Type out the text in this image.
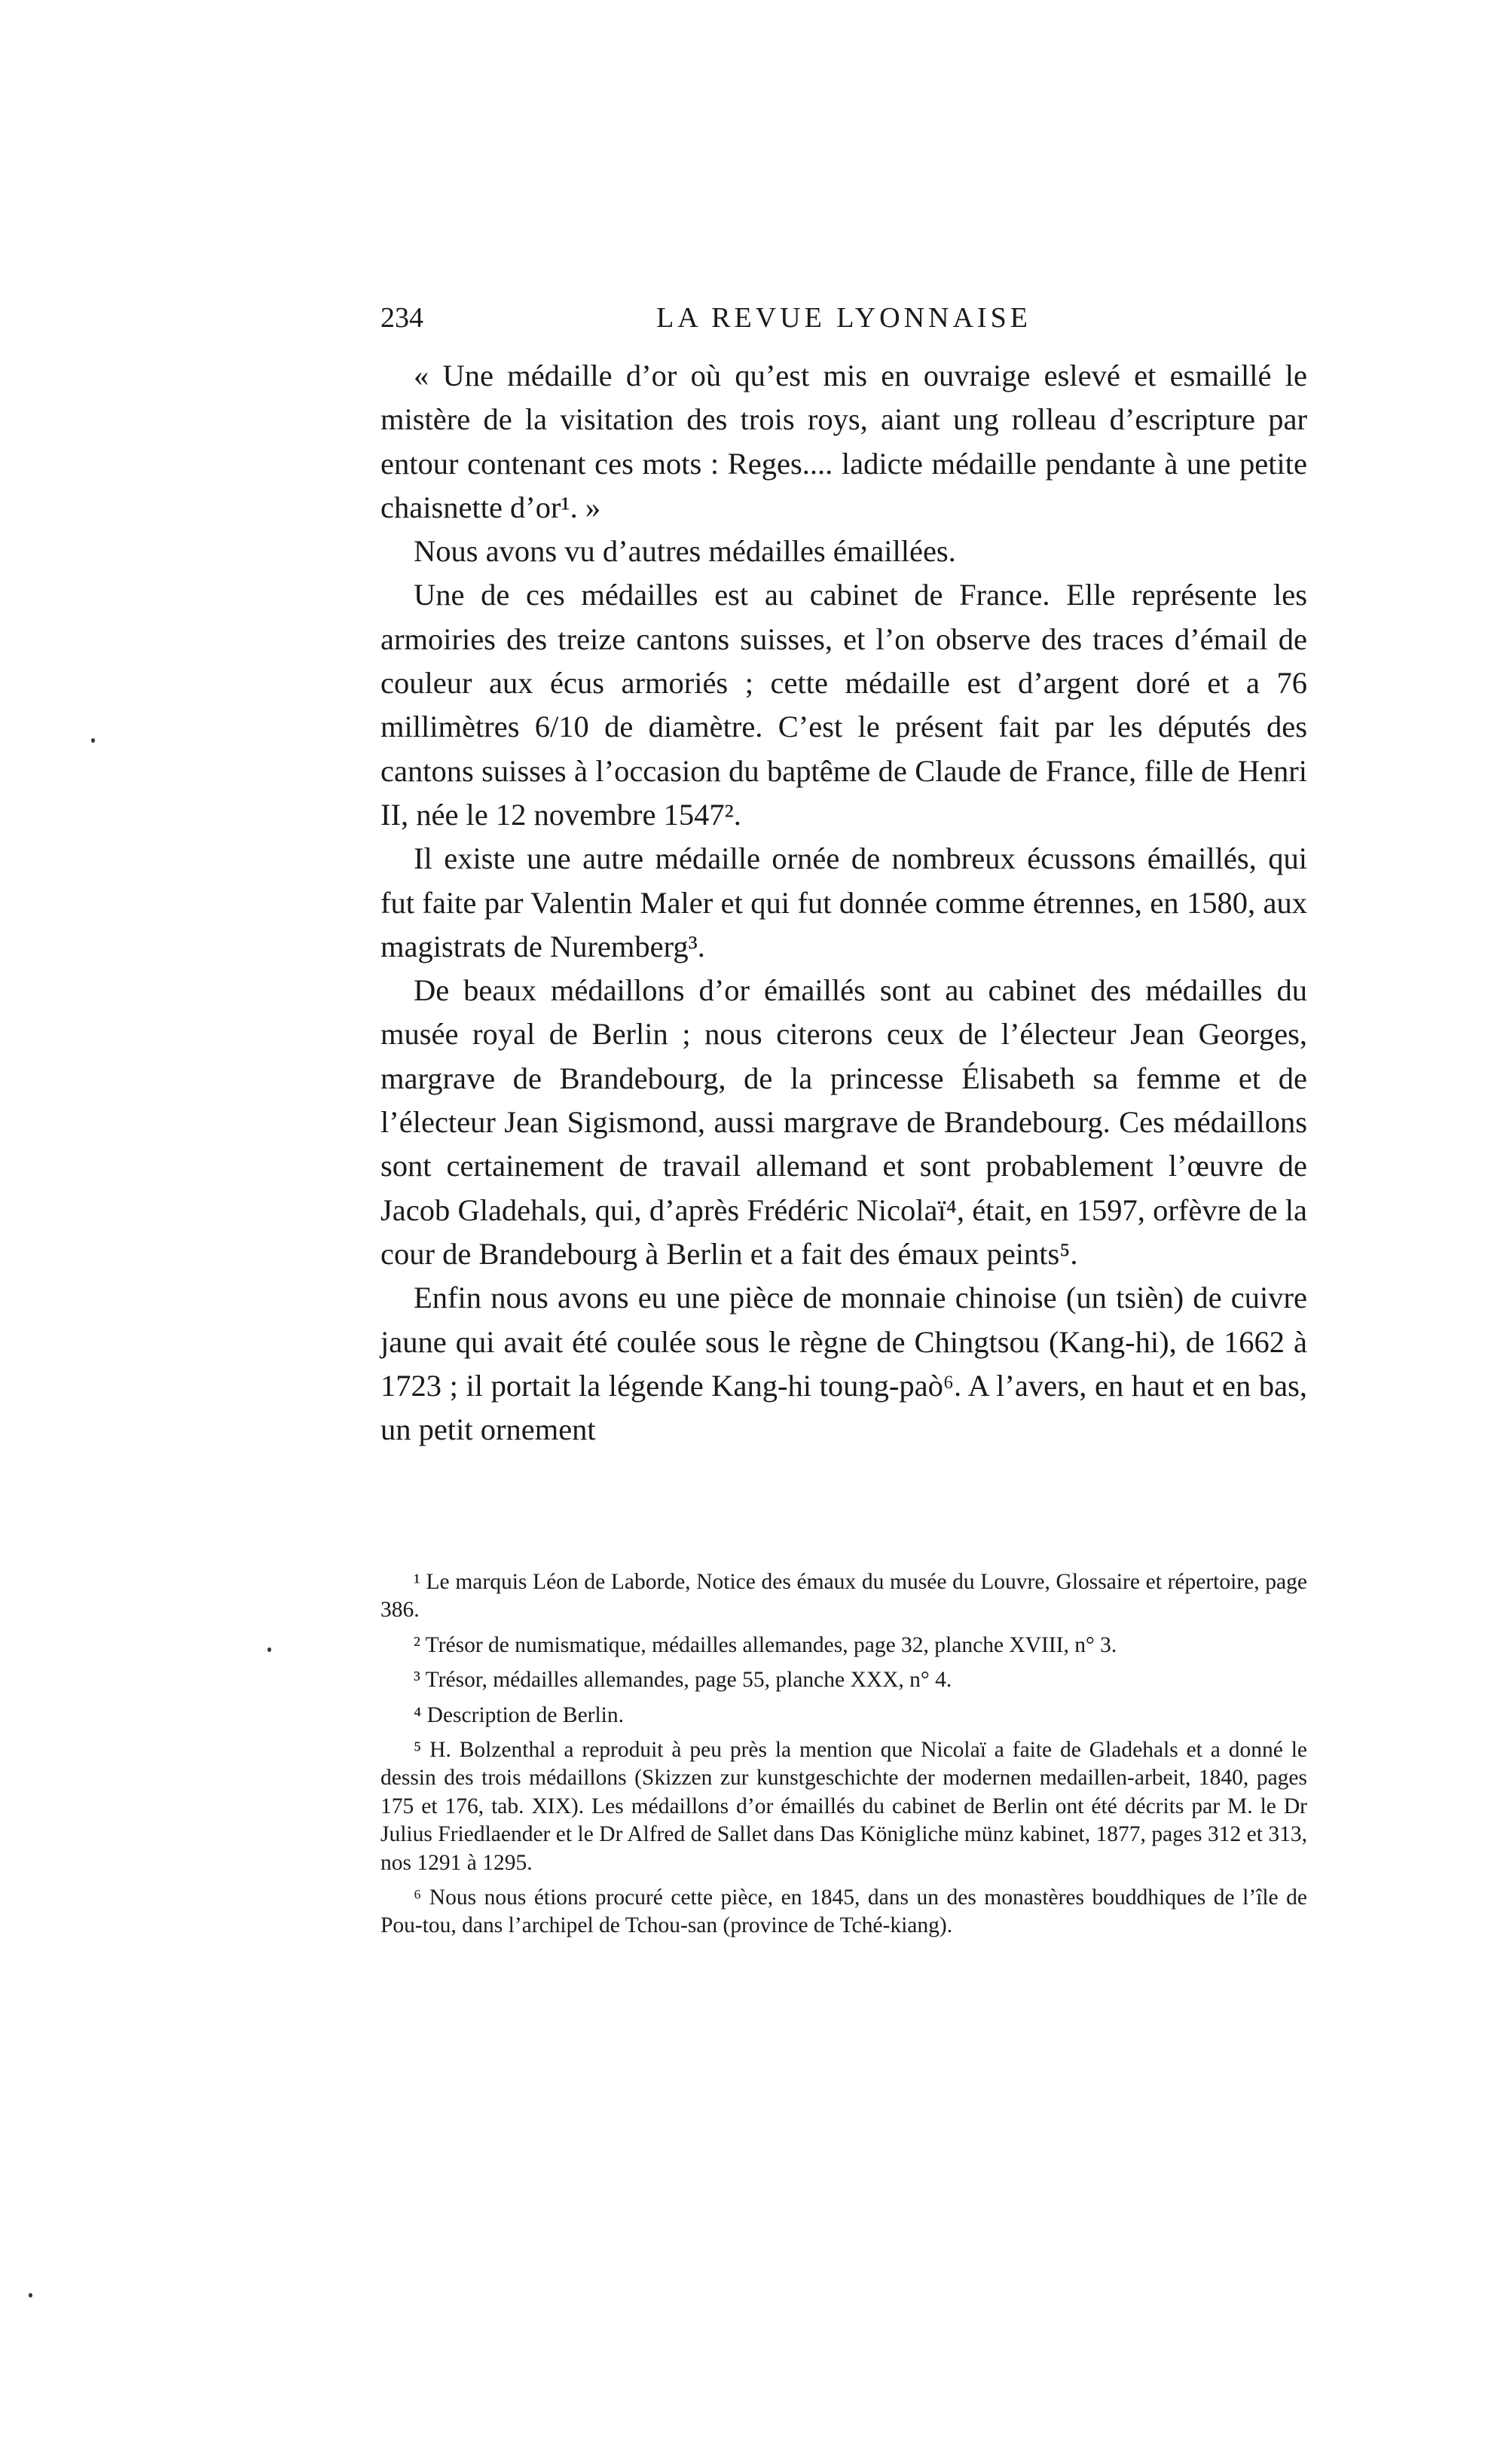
234	LA REVUE LYONNAISE

« Une médaille d’or où qu’est mis en ouvraige eslevé et esmaillé le mistère de la visitation des trois roys, aiant ung rolleau d’escripture par entour contenant ces mots : Reges.... ladicte médaille pendante à une petite chaisnette d’or¹. »

Nous avons vu d’autres médailles émaillées.

Une de ces médailles est au cabinet de France. Elle représente les armoiries des treize cantons suisses, et l’on observe des traces d’émail de couleur aux écus armoriés ; cette médaille est d’argent doré et a 76 millimètres 6/10 de diamètre. C’est le présent fait par les députés des cantons suisses à l’occasion du baptême de Claude de France, fille de Henri II, née le 12 novembre 1547².

Il existe une autre médaille ornée de nombreux écussons émaillés, qui fut faite par Valentin Maler et qui fut donnée comme étrennes, en 1580, aux magistrats de Nuremberg³.

De beaux médaillons d’or émaillés sont au cabinet des médailles du musée royal de Berlin ; nous citerons ceux de l’électeur Jean Georges, margrave de Brandebourg, de la princesse Élisabeth sa femme et de l’électeur Jean Sigismond, aussi margrave de Brandebourg. Ces médaillons sont certainement de travail allemand et sont probablement l’œuvre de Jacob Gladehals, qui, d’après Frédéric Nicolaï⁴, était, en 1597, orfèvre de la cour de Brandebourg à Berlin et a fait des émaux peints⁵.

Enfin nous avons eu une pièce de monnaie chinoise (un tsièn) de cuivre jaune qui avait été coulée sous le règne de Chingtsou (Kang-hi), de 1662 à 1723 ; il portait la légende Kang-hi toung-paò⁶. A l’avers, en haut et en bas, un petit ornement

¹ Le marquis Léon de Laborde, Notice des émaux du musée du Louvre, Glossaire et répertoire, page 386.

² Trésor de numismatique, médailles allemandes, page 32, planche XVIII, n° 3.

³ Trésor, médailles allemandes, page 55, planche XXX, n° 4.

⁴ Description de Berlin.

⁵ H. Bolzenthal a reproduit à peu près la mention que Nicolaï a faite de Gladehals et a donné le dessin des trois médaillons (Skizzen zur kunstgeschichte der modernen medaillen-arbeit, 1840, pages 175 et 176, tab. XIX). Les médaillons d’or émaillés du cabinet de Berlin ont été décrits par M. le Dr Julius Friedlaender et le Dr Alfred de Sallet dans Das Königliche münz kabinet, 1877, pages 312 et 313, nos 1291 à 1295.

⁶ Nous nous étions procuré cette pièce, en 1845, dans un des monastères bouddhiques de l’île de Pou-tou, dans l’archipel de Tchou-san (province de Tché-kiang).
